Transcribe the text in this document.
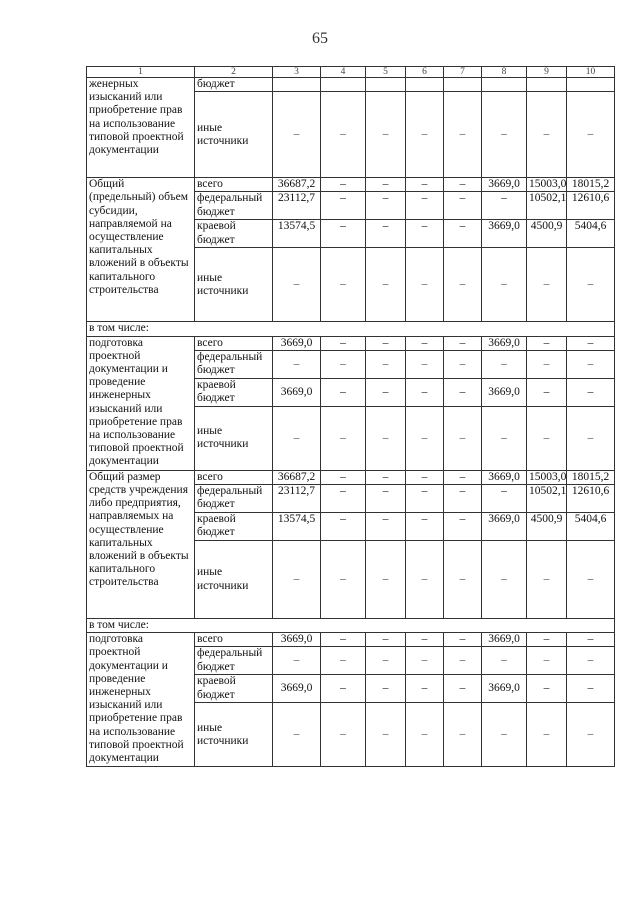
65
1	2	3	4	5	6	7	8	9	10
женерных изысканий или приобретение прав на использование типовой проектной документации	бюджет								
	иные источники	–	–	–	–	–	–	–	–
Общий (предельный) объем субсидии, направляемой на осуществление капитальных вложений в объекты капитального строительства	всего	36687,2	–	–	–	–	3669,0	15003,0	18015,2
	федеральный бюджет	23112,7	–	–	–	–	–	10502,1	12610,6
	краевой бюджет	13574,5	–	–	–	–	3669,0	4500,9	5404,6
	иные источники	–	–	–	–	–	–	–	–
в том числе:									
подготовка проектной документации и проведение инженерных изысканий или приобретение прав на использование типовой проектной документации	всего	3669,0	–	–	–	–	3669,0	–	–
	федеральный бюджет	–	–	–	–	–	–	–	–
	краевой бюджет	3669,0	–	–	–	–	3669,0	–	–
	иные источники	–	–	–	–	–	–	–	–
Общий размер средств учреждения либо предприятия, направляемых на осуществление капитальных вложений в объекты капитального строительства	всего	36687,2	–	–	–	–	3669,0	15003,0	18015,2
	федеральный бюджет	23112,7	–	–	–	–	–	10502,1	12610,6
	краевой бюджет	13574,5	–	–	–	–	3669,0	4500,9	5404,6
	иные источники	–	–	–	–	–	–	–	–
в том числе:									
подготовка проектной документации и проведение инженерных изысканий или приобретение прав на использование типовой проектной документации	всего	3669,0	–	–	–	–	3669,0	–	–
	федеральный бюджет	–	–	–	–	–	–	–	–
	краевой бюджет	3669,0	–	–	–	–	3669,0	–	–
	иные источники	–	–	–	–	–	–	–	–
